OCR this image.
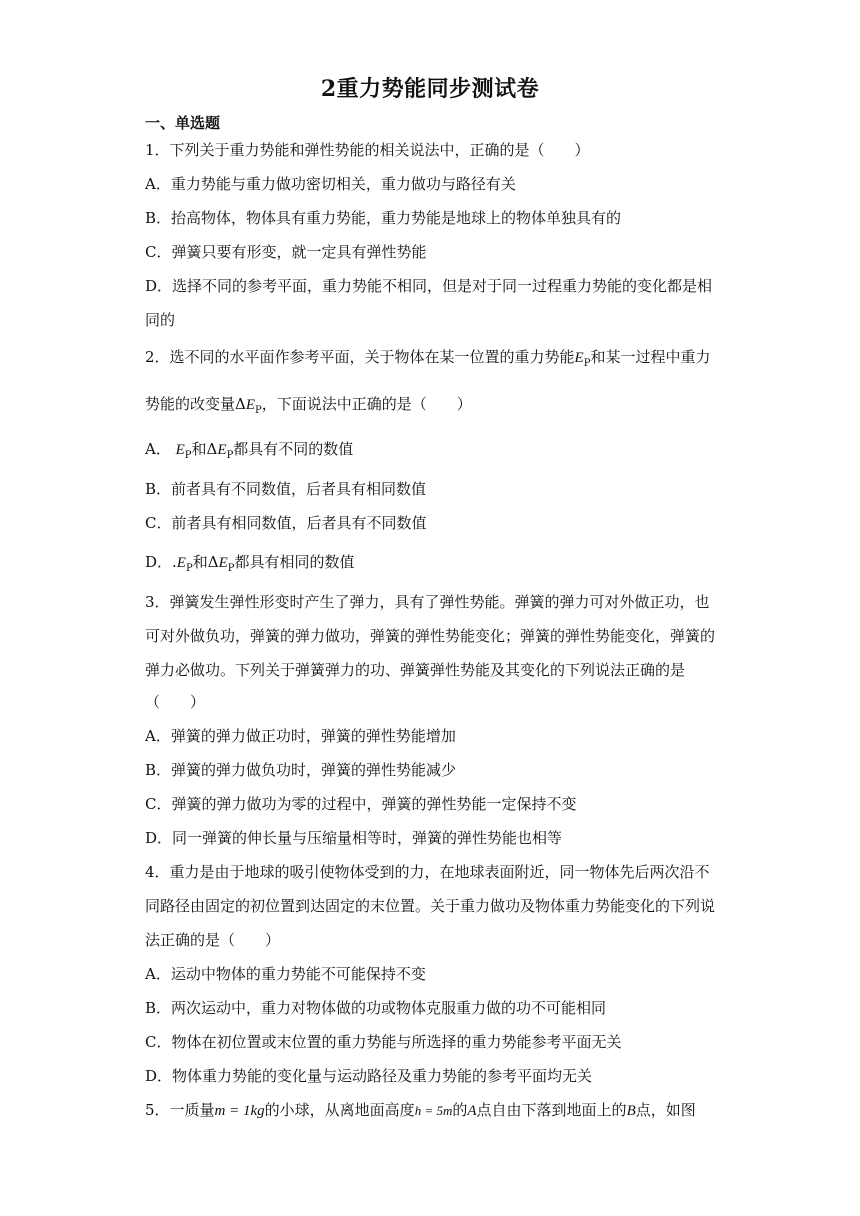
2重力势能同步测试卷
一、单选题
1．下列关于重力势能和弹性势能的相关说法中，正确的是（　　）
A．重力势能与重力做功密切相关，重力做功与路径有关
B．抬高物体，物体具有重力势能，重力势能是地球上的物体单独具有的
C．弹簧只要有形变，就一定具有弹性势能
D．选择不同的参考平面，重力势能不相同，但是对于同一过程重力势能的变化都是相
同的
2．选不同的水平面作参考平面，关于物体在某一位置的重力势能$E_P$和某一过程中重力
势能的改变量$\Delta E_P$，下面说法中正确的是（　　）
A． $E_P$和$\Delta E_P$都具有不同的数值
B．前者具有不同数值，后者具有相同数值
C．前者具有相同数值，后者具有不同数值
D．$.E_P$和$\Delta E_P$都具有相同的数值
3．弹簧发生弹性形变时产生了弹力，具有了弹性势能。弹簧的弹力可对外做正功，也
可对外做负功，弹簧的弹力做功，弹簧的弹性势能变化；弹簧的弹性势能变化，弹簧的
弹力必做功。下列关于弹簧弹力的功、弹簧弹性势能及其变化的下列说法正确的是
（　　）
A．弹簧的弹力做正功时，弹簧的弹性势能增加
B．弹簧的弹力做负功时，弹簧的弹性势能减少
C．弹簧的弹力做功为零的过程中，弹簧的弹性势能一定保持不变
D．同一弹簧的伸长量与压缩量相等时，弹簧的弹性势能也相等
4．重力是由于地球的吸引使物体受到的力，在地球表面附近，同一物体先后两次沿不
同路径由固定的初位置到达固定的末位置。关于重力做功及物体重力势能变化的下列说
法正确的是（　　）
A．运动中物体的重力势能不可能保持不变
B．两次运动中，重力对物体做的功或物体克服重力做的功不可能相同
C．物体在初位置或末位置的重力势能与所选择的重力势能参考平面无关
D．物体重力势能的变化量与运动路径及重力势能的参考平面均无关
5．一质量m = 1kg的小球，从离地面高度h = 5m的A点自由下落到地面上的B点，如图
